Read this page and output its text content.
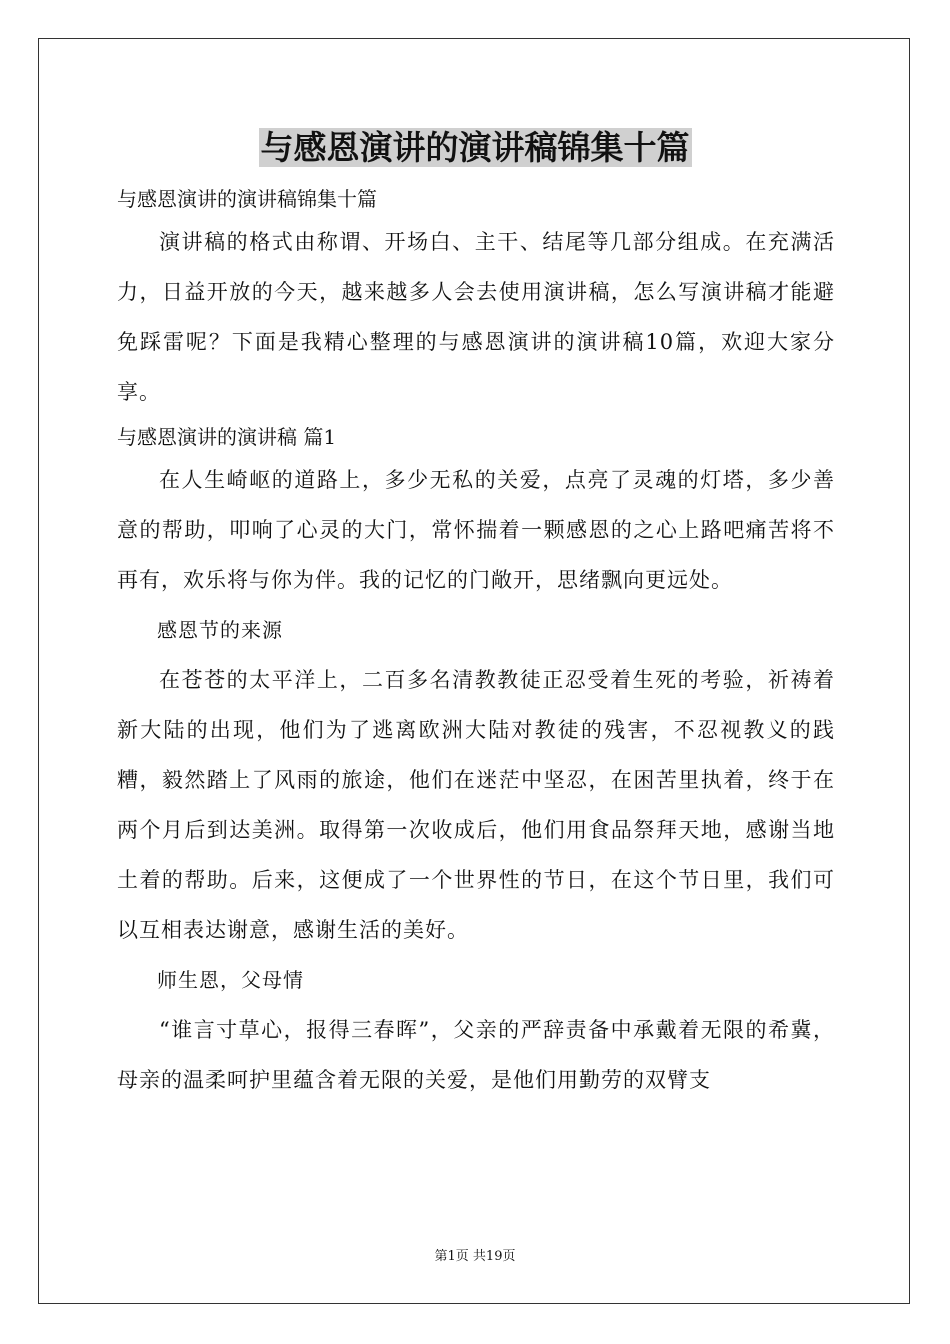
与感恩演讲的演讲稿锦集十篇
与感恩演讲的演讲稿锦集十篇

演讲稿的格式由称谓、开场白、主干、结尾等几部分组成。在充满活力，日益开放的今天，越来越多人会去使用演讲稿，怎么写演讲稿才能避免踩雷呢？下面是我精心整理的与感恩演讲的演讲稿10篇，欢迎大家分享。

与感恩演讲的演讲稿 篇1

在人生崎岖的道路上，多少无私的关爱，点亮了灵魂的灯塔，多少善意的帮助，叩响了心灵的大门，常怀揣着一颗感恩的之心上路吧痛苦将不再有，欢乐将与你为伴。我的记忆的门敞开，思绪飘向更远处。

感恩节的来源

在苍苍的太平洋上，二百多名清教教徒正忍受着生死的考验，祈祷着新大陆的出现，他们为了逃离欧洲大陆对教徒的残害，不忍视教义的践糟，毅然踏上了风雨的旅途，他们在迷茫中坚忍，在困苦里执着，终于在两个月后到达美洲。取得第一次收成后，他们用食品祭拜天地，感谢当地土着的帮助。后来，这便成了一个世界性的节日，在这个节日里，我们可以互相表达谢意，感谢生活的美好。

师生恩，父母情

“谁言寸草心，报得三春晖”，父亲的严辞责备中承戴着无限的希冀，母亲的温柔呵护里蕴含着无限的关爱，是他们用勤劳的双臂支

第1页 共19页
